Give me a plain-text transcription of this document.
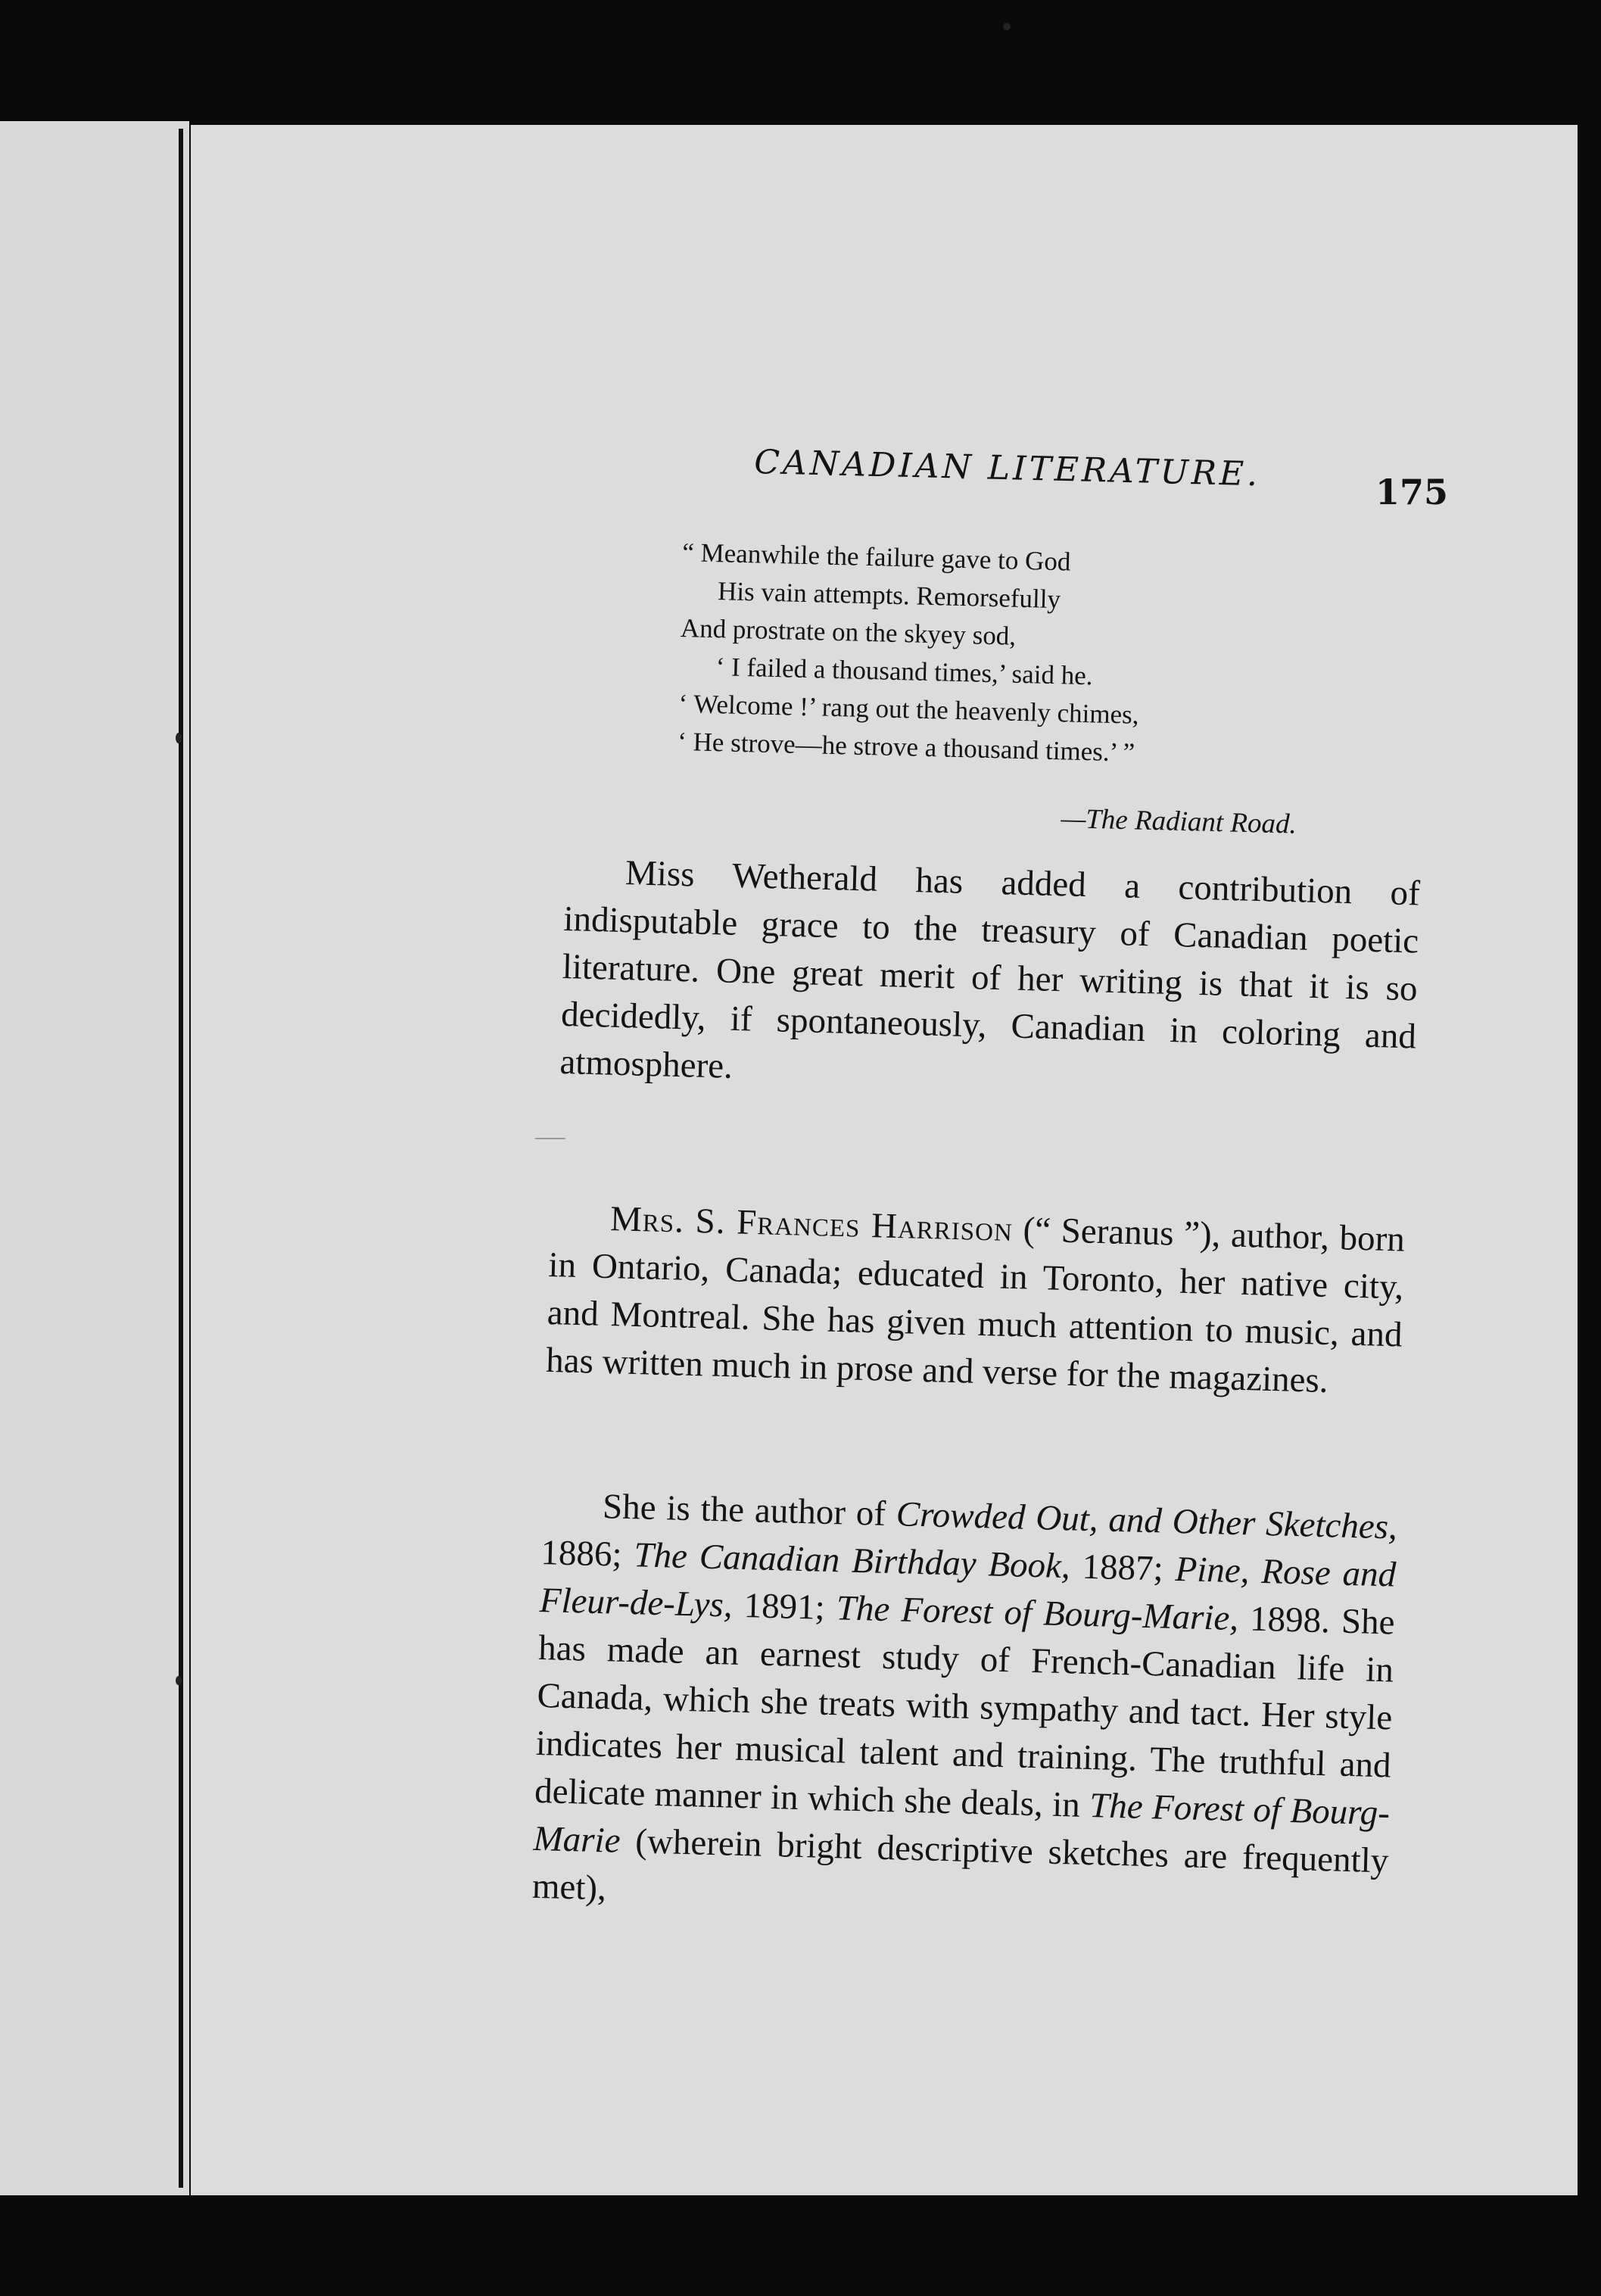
CANADIAN LITERATURE.	175
“ Meanwhile the failure gave to God
His vain attempts. Remorsefully
And prostrate on the skyey sod,
‘ I failed a thousand times,’ said he.
‘ Welcome !’ rang out the heavenly chimes,
‘ He strove—he strove a thousand times.’ ”
—The Radiant Road.

Miss Wetherald has added a contribution of indisputable grace to the treasury of Canadian poetic literature. One great merit of her writing is that it is so decidedly, if spontaneously, Canadian in coloring and atmosphere.

Mrs. S. Frances Harrison (“ Seranus ”), author, born in Ontario, Canada; educated in Toronto, her native city, and Montreal. She has given much attention to music, and has written much in prose and verse for the magazines.

She is the author of Crowded Out, and Other Sketches, 1886; The Canadian Birthday Book, 1887; Pine, Rose and Fleur-de-Lys, 1891; The Forest of Bourg-Marie, 1898. She has made an earnest study of French-Canadian life in Canada, which she treats with sympathy and tact. Her style indicates her musical talent and training. The truthful and delicate manner in which she deals, in The Forest of Bourg-Marie (wherein bright descriptive sketches are frequently met),
